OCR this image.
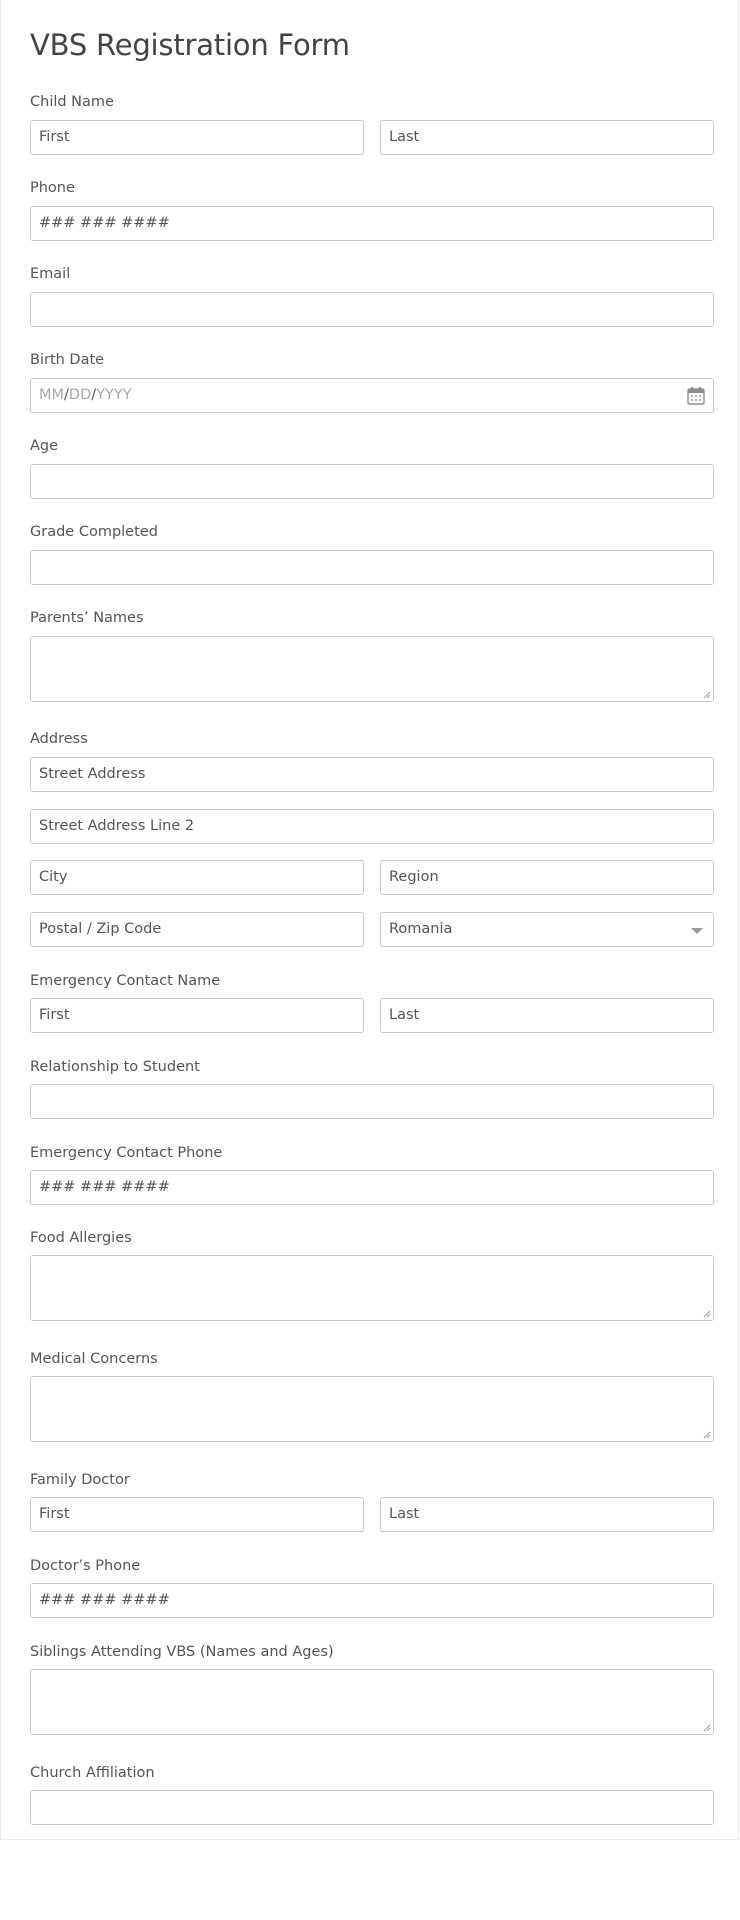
VBS Registration Form
Child Name
First	Last
Phone
### ### ####
Email
Birth Date
MM/DD/YYYY
Age
Grade Completed
Parents’ Names
Address
Street Address
Street Address Line 2
City	Region
Postal / Zip Code	Romania
Emergency Contact Name
First	Last
Relationship to Student
Emergency Contact Phone
### ### ####
Food Allergies
Medical Concerns
Family Doctor
First	Last
Doctor’s Phone
### ### ####
Siblings Attending VBS (Names and Ages)
Church Affiliation
